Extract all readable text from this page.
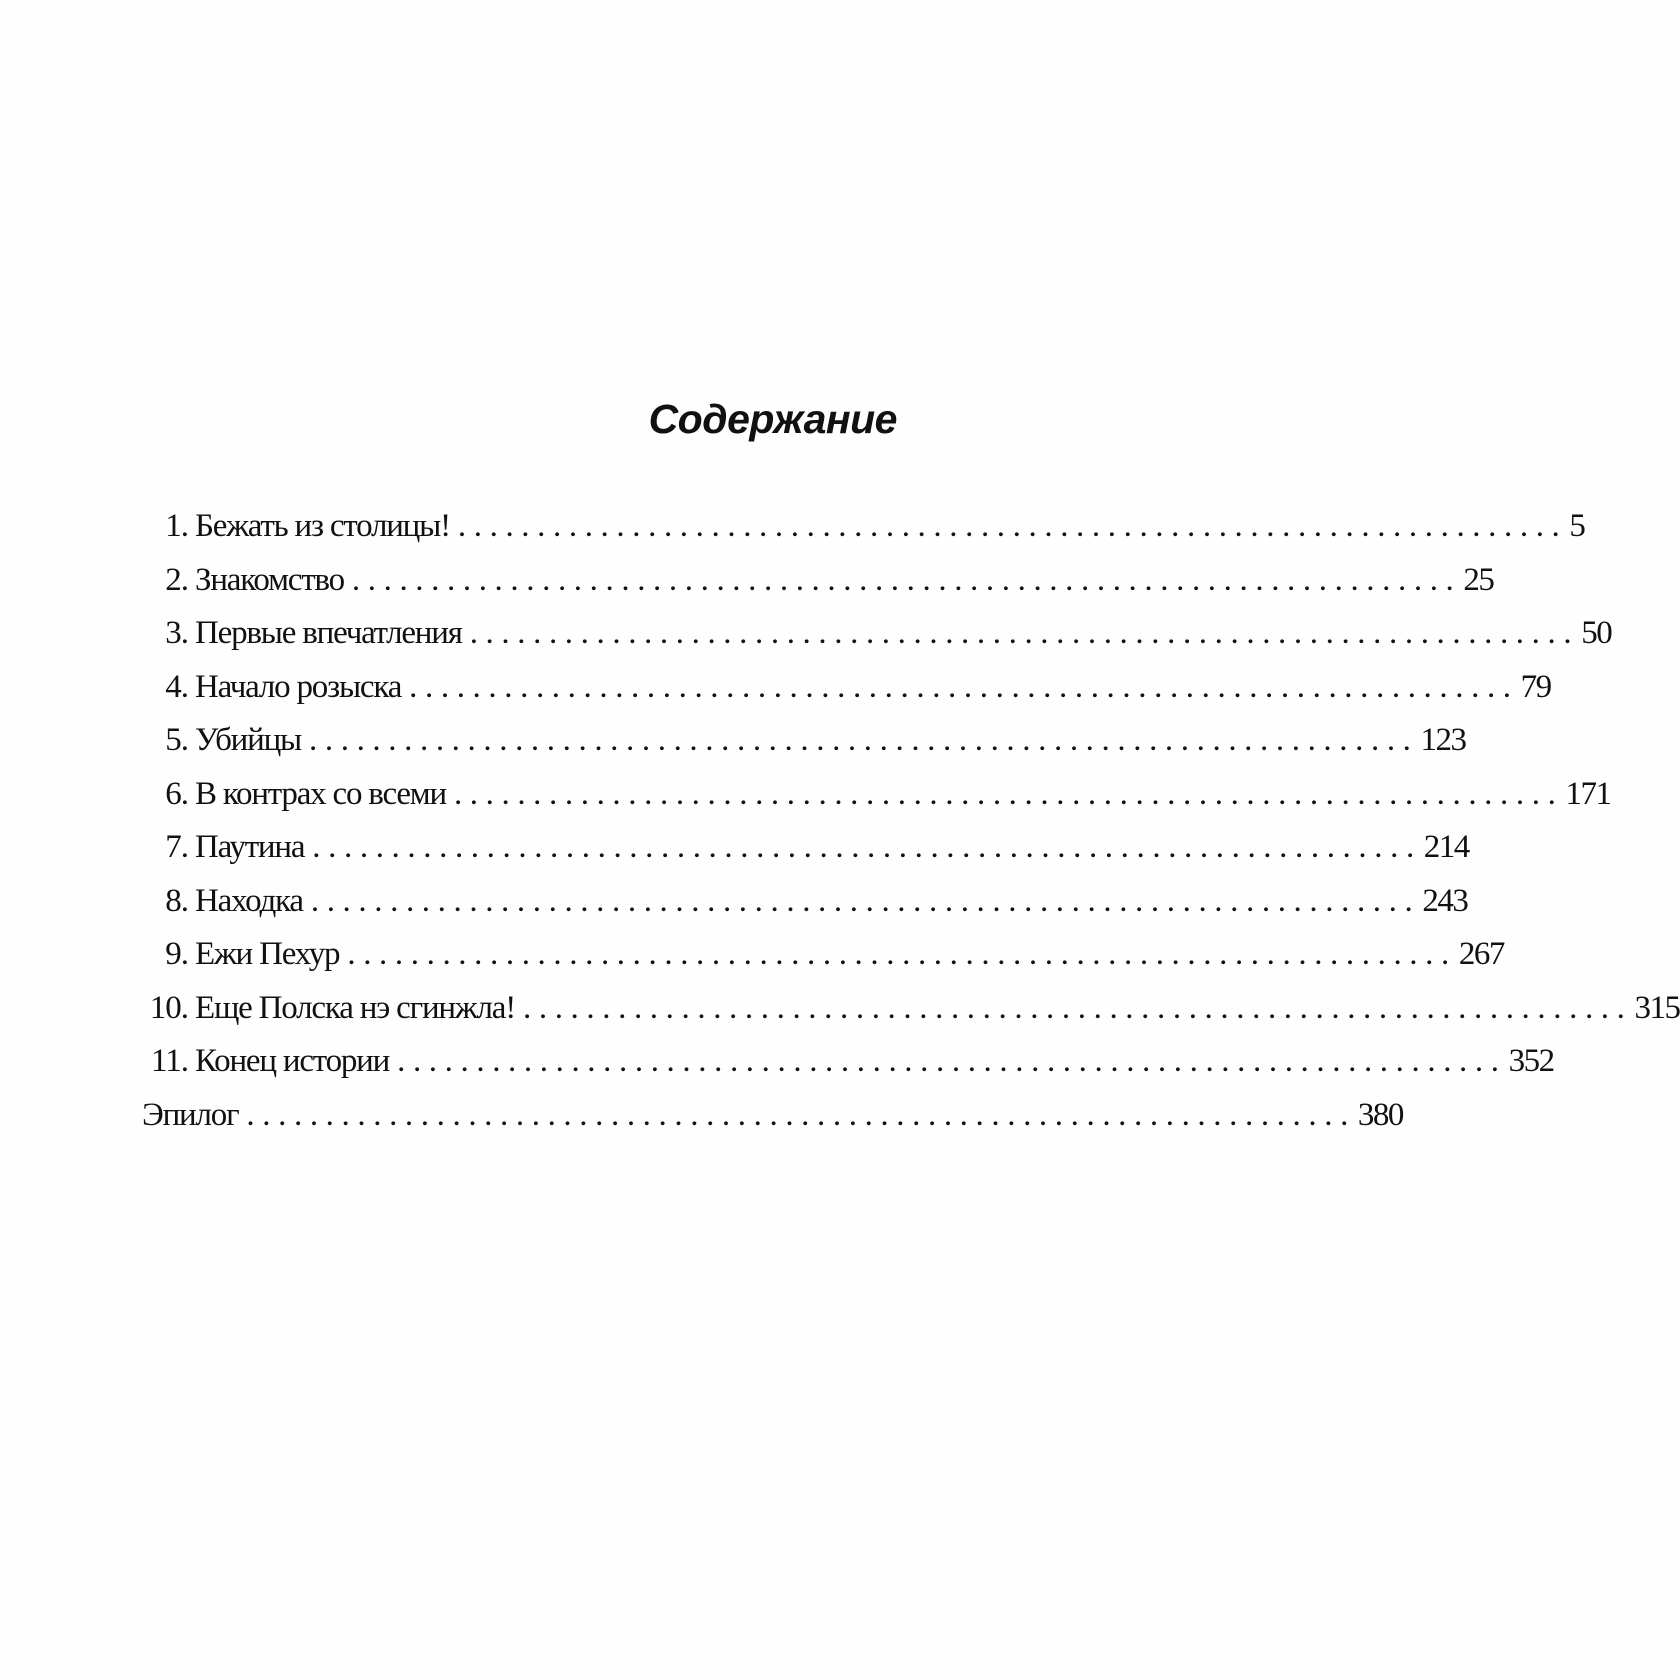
Содержание
1. Бежать из столицы! ...................................................................... 5
2. Знакомство ...................................................................... 25
3. Первые впечатления ...................................................................... 50
4. Начало розыска ...................................................................... 79
5. Убийцы ...................................................................... 123
6. В контрах со всеми ...................................................................... 171
7. Паутина ...................................................................... 214
8. Находка ...................................................................... 243
9. Ежи Пехур ...................................................................... 267
10. Еще Полска нэ сгинжла! ...................................................................... 315
11. Конец истории ...................................................................... 352
Эпилог ...................................................................... 380
